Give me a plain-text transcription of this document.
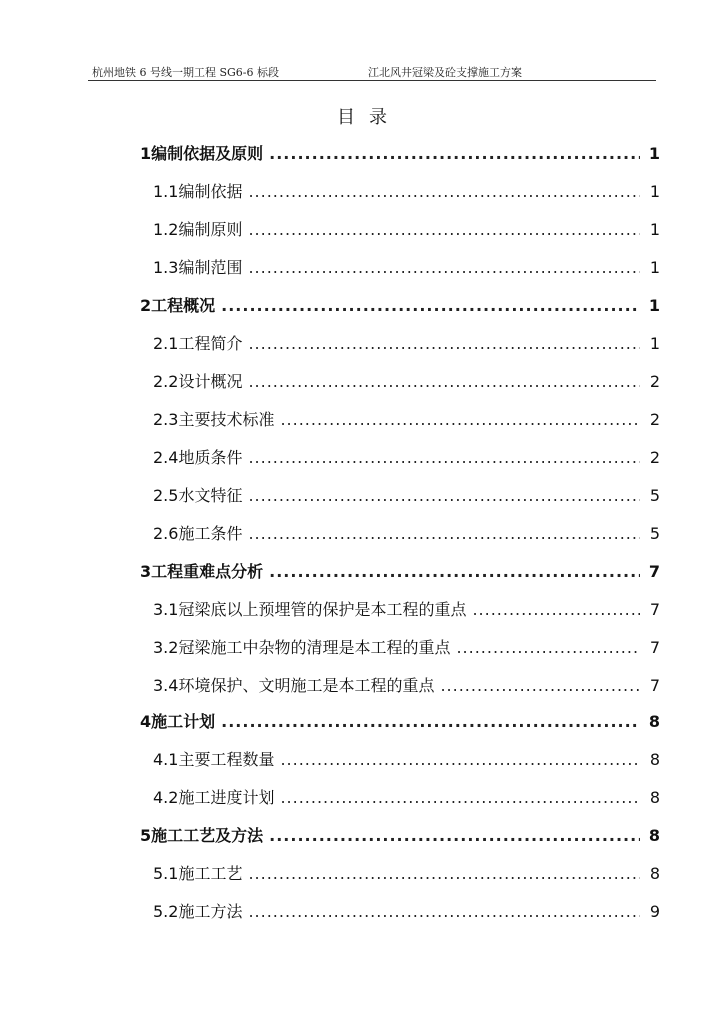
杭州地铁 6 号线一期工程 SG6-6 标段	江北风井冠梁及砼支撑施工方案
目录
1编制依据及原则 .....	1
1.1编制依据 .....	1
1.2编制原则 .....	1
1.3编制范围 .....	1
2工程概况 .....	1
2.1工程简介 .....	1
2.2设计概况 .....	2
2.3主要技术标准 .....	2
2.4地质条件 .....	2
2.5水文特征 .....	5
2.6施工条件 .....	5
3工程重难点分析 .....	7
3.1冠梁底以上预埋管的保护是本工程的重点 .....	7
3.2冠梁施工中杂物的清理是本工程的重点 .....	7
3.4环境保护、文明施工是本工程的重点 .....	7
4施工计划 .....	8
4.1主要工程数量 .....	8
4.2施工进度计划 .....	8
5施工工艺及方法 .....	8
5.1施工工艺 .....	8
5.2施工方法 .....	9
